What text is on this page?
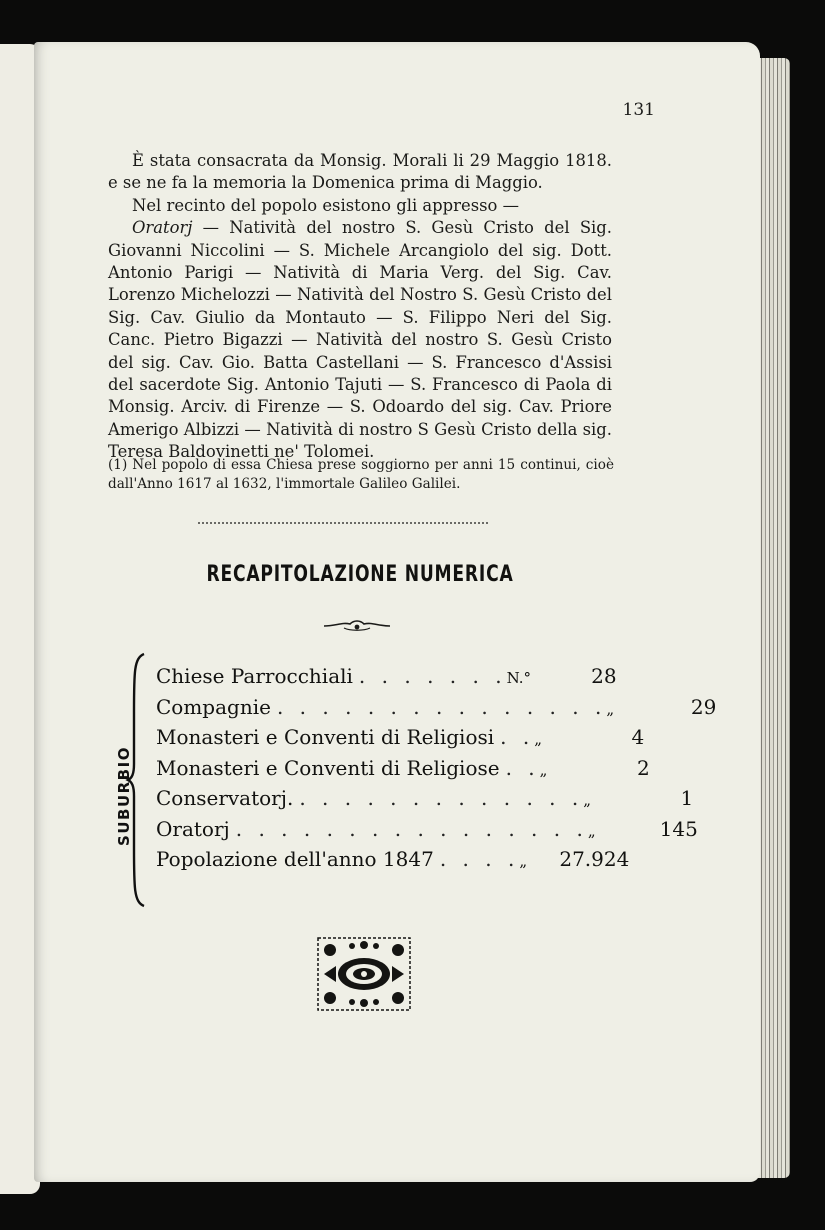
131

È stata consacrata da Monsig. Morali li 29 Maggio 1818. e se ne fa la memoria la Domenica prima di Maggio.

Nel recinto del popolo esistono gli appresso —

Oratorj — Natività del nostro S. Gesù Cristo del Sig. Giovanni Niccolini — S. Michele Arcangiolo del sig. Dott. Antonio Parigi — Natività di Maria Verg. del Sig. Cav. Lorenzo Michelozzi — Natività del Nostro S. Gesù Cristo del Sig. Cav. Giulio da Montauto — S. Filippo Neri del Sig. Canc. Pietro Bigazzi — Natività del nostro S. Gesù Cristo del sig. Cav. Gio. Batta Castellani — S. Francesco d'Assisi del sacerdote Sig. Antonio Tajuti — S. Francesco di Paola di Monsig. Arciv. di Firenze — S. Odoardo del sig. Cav. Priore Amerigo Albizzi — Natività di nostro S Gesù Cristo della sig. Teresa Baldovinetti ne' Tolomei.

(1) Nel popolo di essa Chiesa prese soggiorno per anni 15 continui, cioè dall'Anno 1617 al 1632, l'immortale Galileo Galilei.
RECAPITOLAZIONE NUMERICA
SUBURBIO
Chiese Parrocchiali . . . . . . . N.°	28
Compagnie . . . . . . . . . . . . . . . „	29
Monasteri e Conventi di Religiosi . . „	4
Monasteri e Conventi di Religiose . . „	2
Conservatorj. . . . . . . . . . . . . . „	1
Oratorj . . . . . . . . . . . . . . . . „	145
Popolazione dell'anno 1847 . . . . „	27.924
